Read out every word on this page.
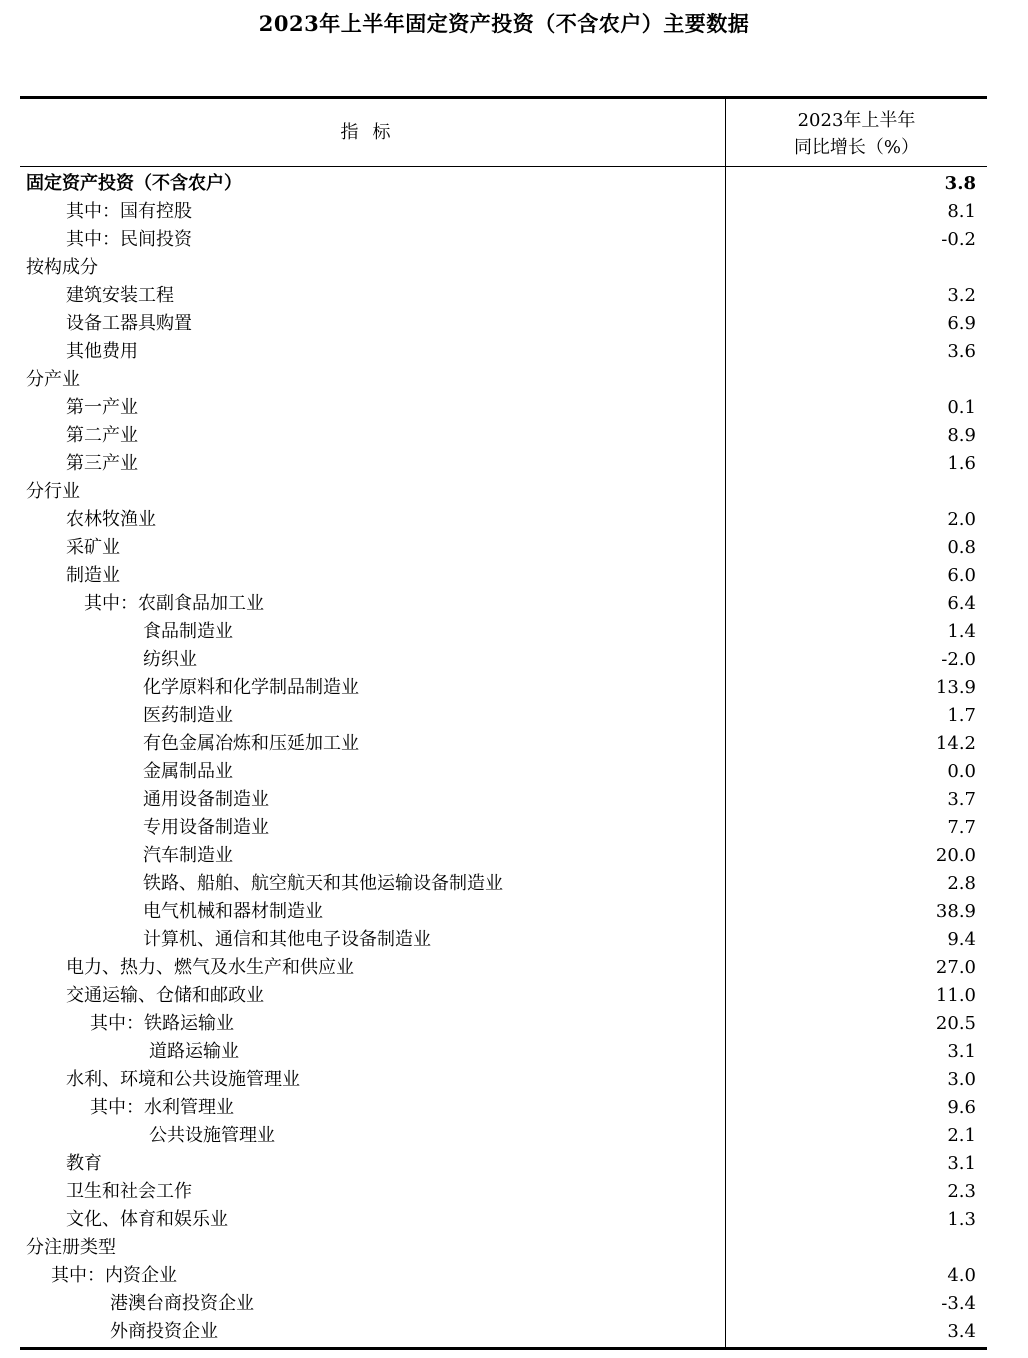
2023年上半年固定资产投资（不含农户）主要数据
指标
2023年上半年
同比增长（%）
固定资产投资（不含农户）	3.8
其中：国有控股	8.1
其中：民间投资	-0.2
按构成分
建筑安装工程	3.2
设备工器具购置	6.9
其他费用	3.6
分产业
第一产业	0.1
第二产业	8.9
第三产业	1.6
分行业
农林牧渔业	2.0
采矿业	0.8
制造业	6.0
其中：农副食品加工业	6.4
食品制造业	1.4
纺织业	-2.0
化学原料和化学制品制造业	13.9
医药制造业	1.7
有色金属冶炼和压延加工业	14.2
金属制品业	0.0
通用设备制造业	3.7
专用设备制造业	7.7
汽车制造业	20.0
铁路、船舶、航空航天和其他运输设备制造业	2.8
电气机械和器材制造业	38.9
计算机、通信和其他电子设备制造业	9.4
电力、热力、燃气及水生产和供应业	27.0
交通运输、仓储和邮政业	11.0
其中：铁路运输业	20.5
道路运输业	3.1
水利、环境和公共设施管理业	3.0
其中：水利管理业	9.6
公共设施管理业	2.1
教育	3.1
卫生和社会工作	2.3
文化、体育和娱乐业	1.3
分注册类型
其中：内资企业	4.0
港澳台商投资企业	-3.4
外商投资企业	3.4
